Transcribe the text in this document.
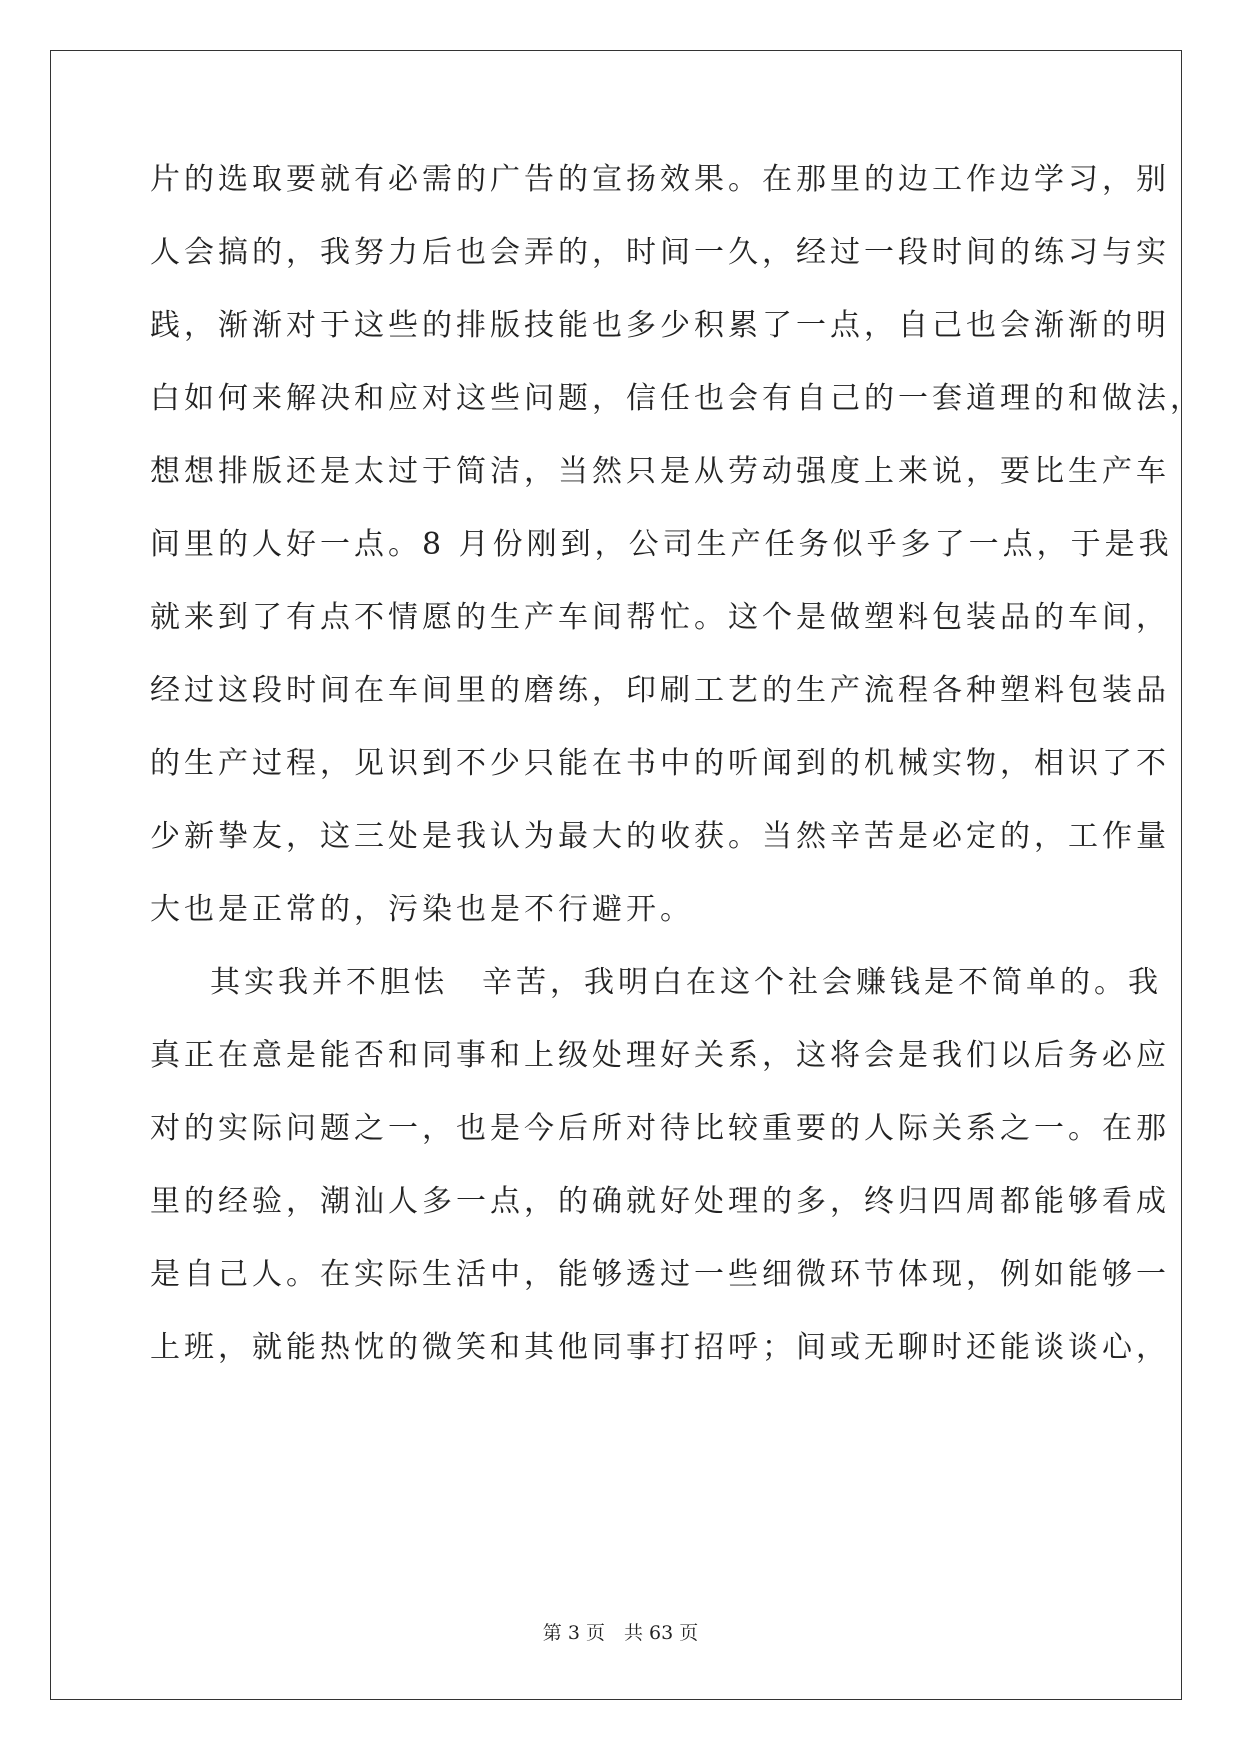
片的选取要就有必需的广告的宣扬效果。在那里的边工作边学习，别
人会搞的，我努力后也会弄的，时间一久，经过一段时间的练习与实
践，渐渐对于这些的排版技能也多少积累了一点，自己也会渐渐的明
白如何来解决和应对这些问题，信任也会有自己的一套道理的和做法，
想想排版还是太过于简洁，当然只是从劳动强度上来说，要比生产车
间里的人好一点。8 月份刚到，公司生产任务似乎多了一点，于是我
就来到了有点不情愿的生产车间帮忙。这个是做塑料包装品的车间，
经过这段时间在车间里的磨练，印刷工艺的生产流程各种塑料包装品
的生产过程，见识到不少只能在书中的听闻到的机械实物，相识了不
少新挚友，这三处是我认为最大的收获。当然辛苦是必定的，工作量
大也是正常的，污染也是不行避开。
其实我并不胆怯　辛苦，我明白在这个社会赚钱是不简单的。我
真正在意是能否和同事和上级处理好关系，这将会是我们以后务必应
对的实际问题之一，也是今后所对待比较重要的人际关系之一。在那
里的经验，潮汕人多一点，的确就好处理的多，终归四周都能够看成
是自己人。在实际生活中，能够透过一些细微环节体现，例如能够一
上班，就能热忱的微笑和其他同事打招呼；间或无聊时还能谈谈心，
第 3 页　共 63 页
